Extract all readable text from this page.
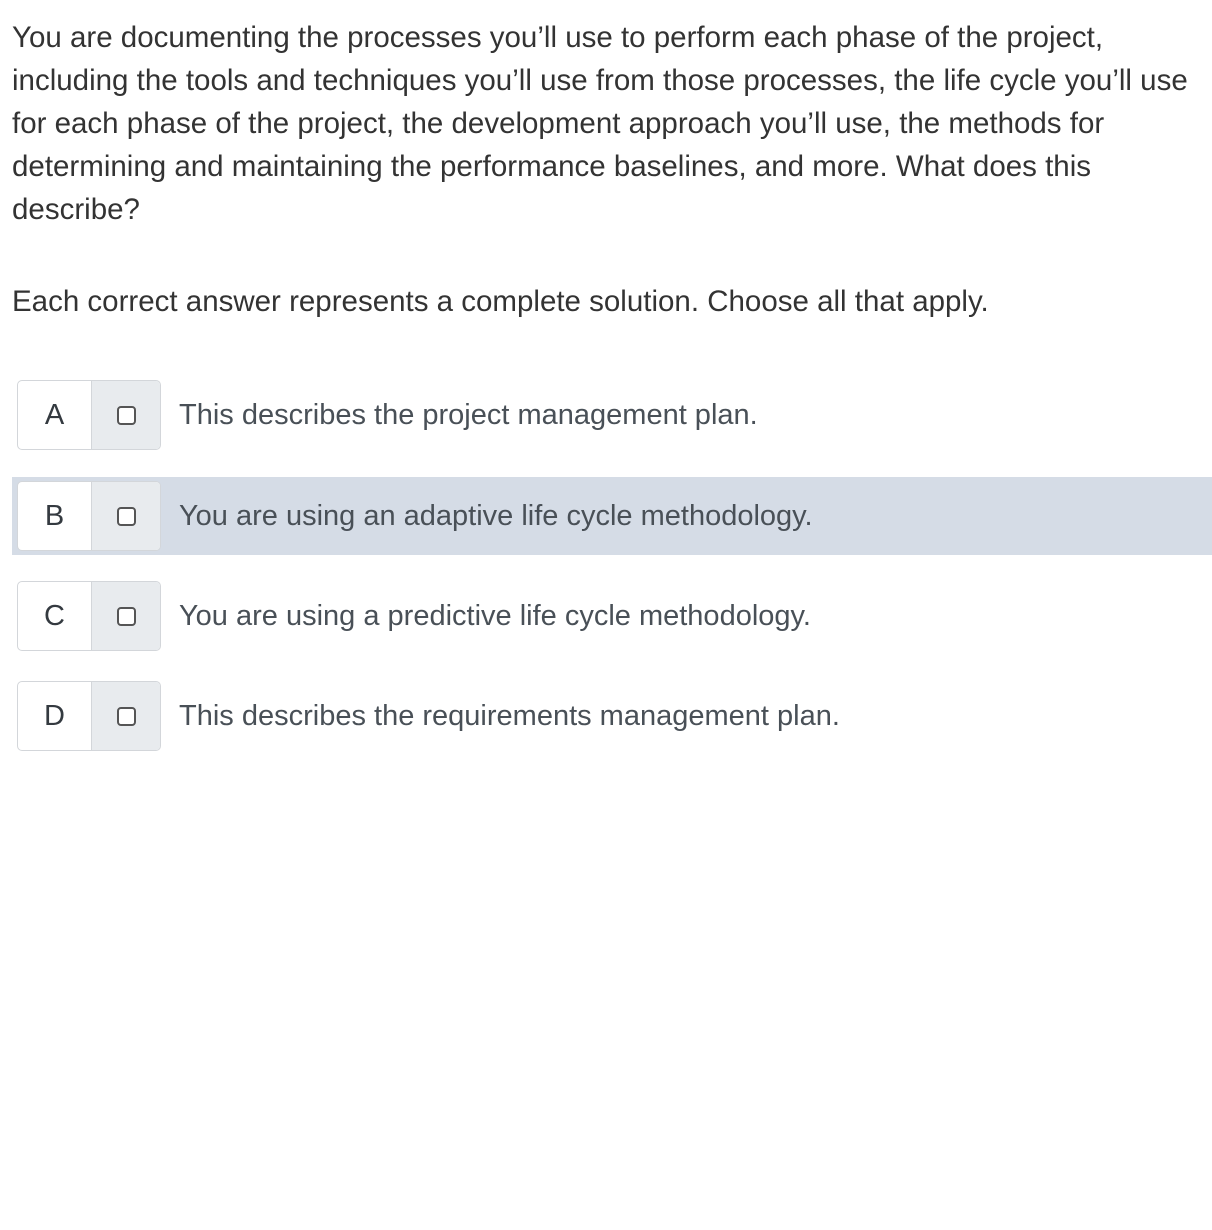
You are documenting the processes you’ll use to perform each phase of the project, including the tools and techniques you’ll use from those processes, the life cycle you’ll use for each phase of the project, the development approach you’ll use, the methods for determining and maintaining the performance baselines, and more. What does this describe?
Each correct answer represents a complete solution. Choose all that apply.
A	This describes the project management plan.
B	You are using an adaptive life cycle methodology.
C	You are using a predictive life cycle methodology.
D	This describes the requirements management plan.
